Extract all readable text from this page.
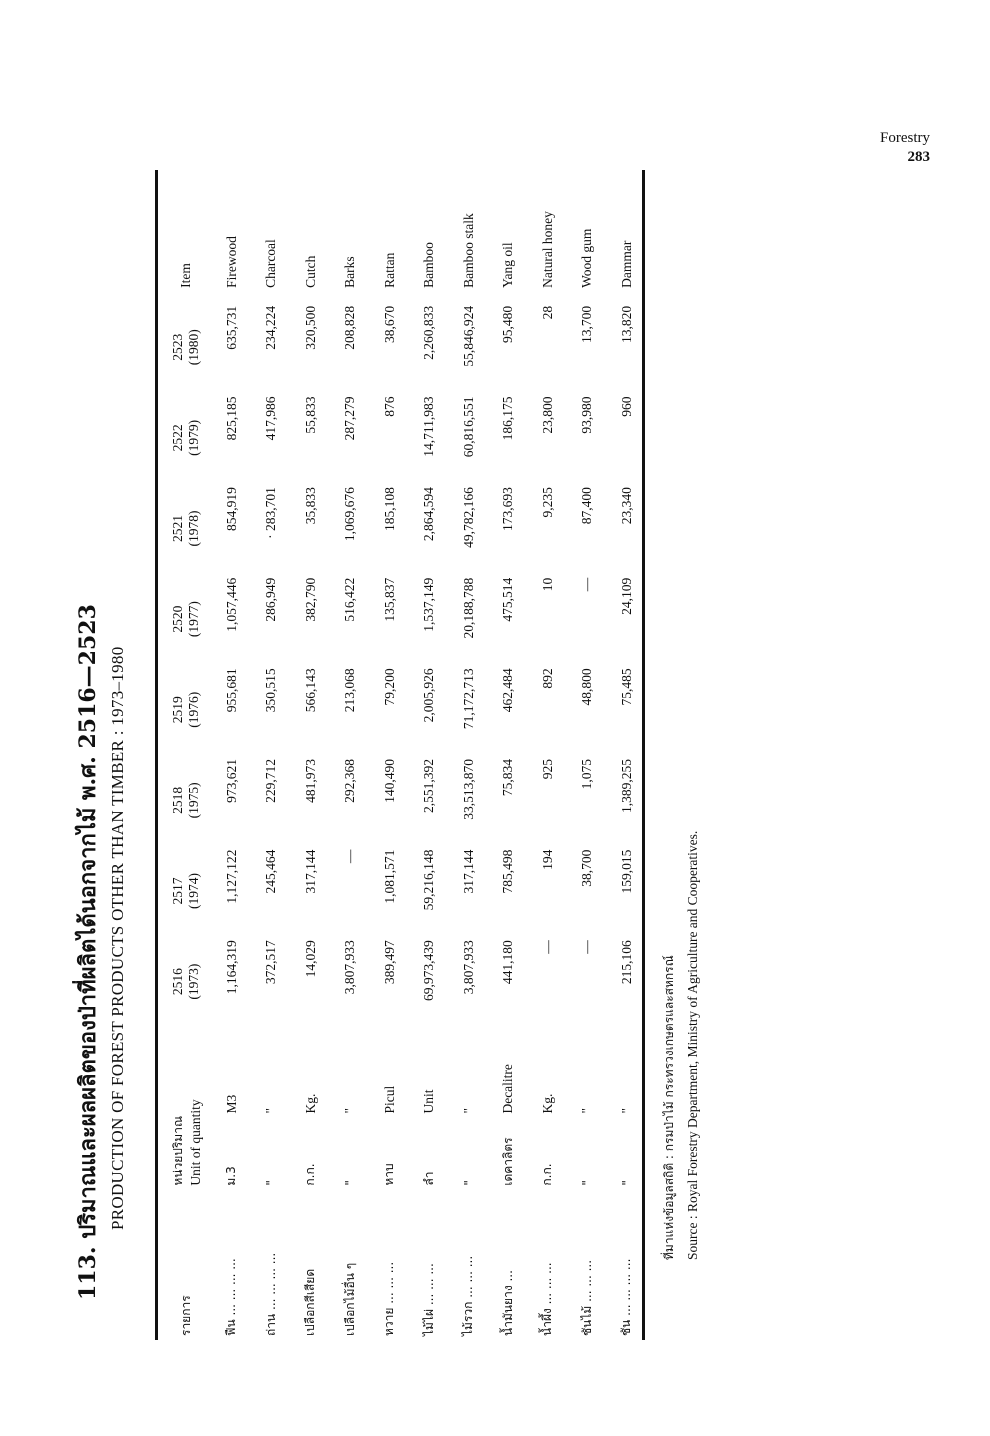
Forestry
283
113. ปริมาณและผลผลิตของป่าที่ผลิตได้นอกจากไม้ พ.ศ. 2516—2523 PRODUCTION OF FOREST PRODUCTS OTHER THAN TIMBER : 1973–1980
รายการ	หน่วยปริมาณ Unit of quantity		2516 (1973)	2517 (1974)	2518 (1975)	2519 (1976)	2520 (1977)	2521 (1978)	2522 (1979)	2523 (1980)	Item
ฟืน ... ... ... ...	ม.3	M3	1,164,319	1,127,122	973,621	955,681	1,057,446	854,919	825,185	635,731	Firewood
ถ่าน ... ... ... ...	"	"	372,517	245,464	229,712	350,515	286,949	· 283,701	417,986	234,224	Charcoal
เปลือกสีเสียด	ก.ก.	Kg.	14,029	317,144	481,973	566,143	382,790	35,833	55,833	320,500	Cutch
เปลือกไม้อื่น ๆ	"	"	3,807,933	—	292,368	213,068	516,422	1,069,676	287,279	208,828	Barks
หวาย ... ... ...	หาบ	Picul	389,497	1,081,571	140,490	79,200	135,837	185,108	876	38,670	Rattan
ไม้ไผ่ ... ... ...	ลำ	Unit	69,973,439	59,216,148	2,551,392	2,005,926	1,537,149	2,864,594	14,711,983	2,260,833	Bamboo
ไม้รวก ... ... ...	"	"	3,807,933	317,144	33,513,870	71,172,713	20,188,788	49,782,166	60,816,551	55,846,924	Bamboo stalk
น้ำมันยาง ...	เดคาลิตร	Decalitre	441,180	785,498	75,834	462,484	475,514	173,693	186,175	95,480	Yang oil
น้ำผึ้ง ... ... ...	ก.ก.	Kg.	—	194	925	892	10	9,235	23,800	28	Natural honey
ชันไม้ ... ... ...	"	"	—	38,700	1,075	48,800	—	87,400	93,980	13,700	Wood gum
ชัน ... ... ... ...	"	"	215,106	159,015	1,389,255	75,485	24,109	23,340	960	13,820	Dammar
ที่มาแห่งข้อมูลสถิติ : กรมป่าไม้ กระทรวงเกษตรและสหกรณ์ Source : Royal Forestry Department, Ministry of Agriculture and Cooperatives.
